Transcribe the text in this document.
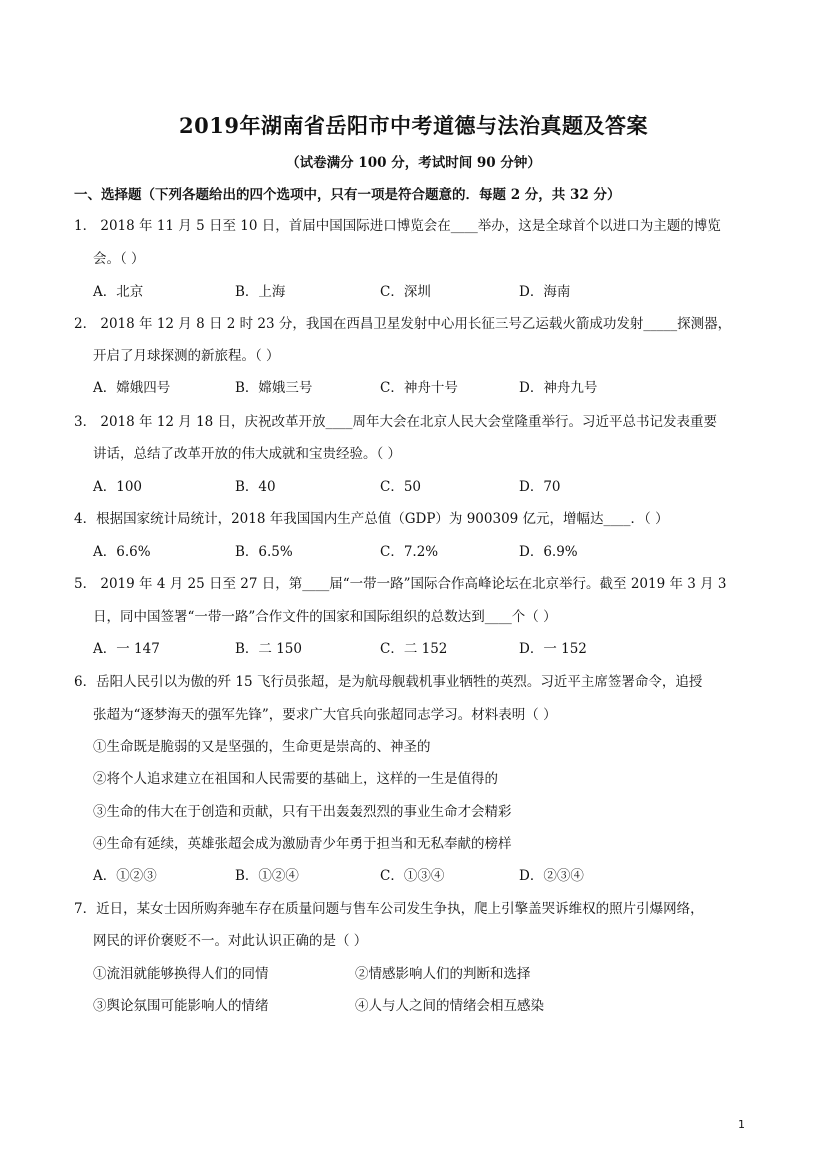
2019年湖南省岳阳市中考道德与法治真题及答案
（试卷满分 100 分，考试时间 90 分钟）
一、选择题（下列各题给出的四个选项中，只有一项是符合题意的．每题 2 分，共 32 分）
1． 2018 年 11 月 5 日至 10 日，首届中国国际进口博览会在____举办，这是全球首个以进口为主题的博览
会。（ ）
A．北京	B．上海	C．深圳	D．海南
2． 2018 年 12 月 8 日 2 时 23 分，我国在西昌卫星发射中心用长征三号乙运载火箭成功发射_____探测器，
开启了月球探测的新旅程。（ ）
A．嫦娥四号	B．嫦娥三号	C．神舟十号	D．神舟九号
3． 2018 年 12 月 18 日，庆祝改革开放____周年大会在北京人民大会堂隆重举行。习近平总书记发表重要
讲话，总结了改革开放的伟大成就和宝贵经验。（ ）
A．100	B．40	C．50	D．70
4．根据国家统计局统计，2018 年我国国内生产总值（GDP）为 900309 亿元，增幅达____．（ ）
A．6.6%	B．6.5%	C．7.2%	D．6.9%
5． 2019 年 4 月 25 日至 27 日，第____届“一带一路”国际合作高峰论坛在北京举行。截至 2019 年 3 月 3
日，同中国签署“一带一路”合作文件的国家和国际组织的总数达到____个（ ）
A．一 147	B．二 150	C．二 152	D．一 152
6．岳阳人民引以为傲的歼 15 飞行员张超，是为航母舰载机事业牺牲的英烈。习近平主席签署命令，追授
张超为“逐梦海天的强军先锋”，要求广大官兵向张超同志学习。材料表明（ ）
①生命既是脆弱的又是坚强的，生命更是崇高的、神圣的
②将个人追求建立在祖国和人民需要的基础上，这样的一生是值得的
③生命的伟大在于创造和贡献，只有干出轰轰烈烈的事业生命才会精彩
④生命有延续，英雄张超会成为激励青少年勇于担当和无私奉献的榜样
A．①②③	B．①②④	C．①③④	D．②③④
7．近日，某女士因所购奔驰车存在质量问题与售车公司发生争执，爬上引擎盖哭诉维权的照片引爆网络，
网民的评价褒贬不一。对此认识正确的是（ ）
①流泪就能够换得人们的同情	②情感影响人们的判断和选择
③舆论氛围可能影响人的情绪	④人与人之间的情绪会相互感染
1
